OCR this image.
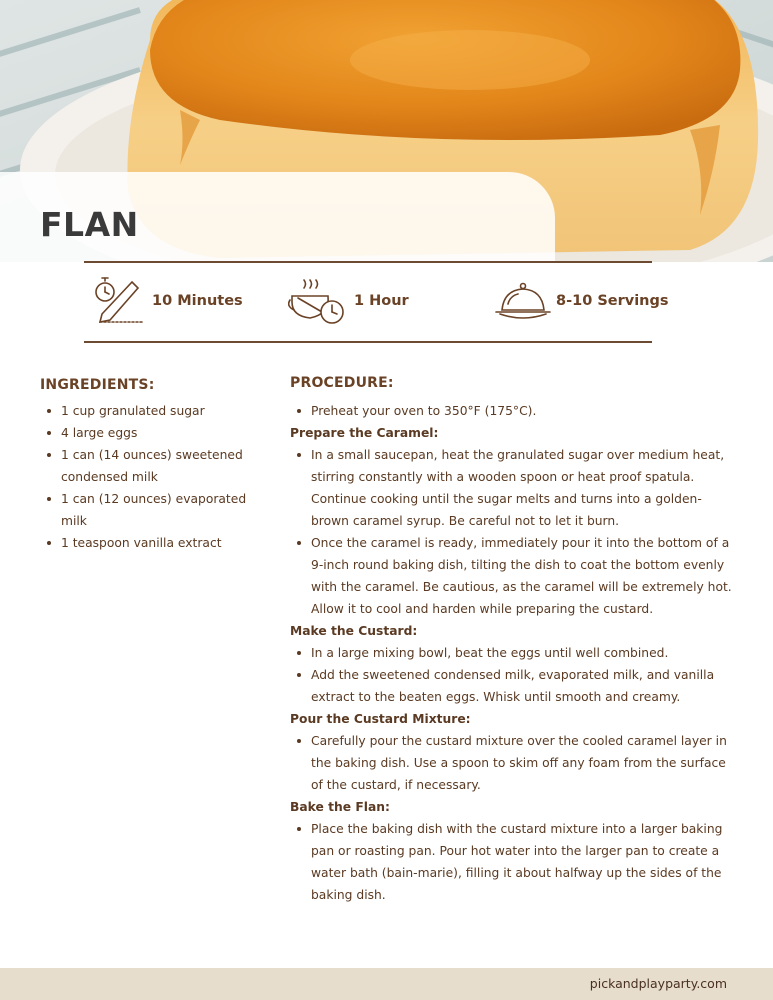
FLAN
10 Minutes	1 Hour	8-10 Servings
INGREDIENTS:
1 cup granulated sugar
4 large eggs
1 can (14 ounces) sweetened condensed milk
1 can (12 ounces) evaporated milk
1 teaspoon vanilla extract
PROCEDURE:
Preheat your oven to 350°F (175°C).
Prepare the Caramel:
In a small saucepan, heat the granulated sugar over medium heat, stirring constantly with a wooden spoon or heat proof spatula. Continue cooking until the sugar melts and turns into a golden-brown caramel syrup. Be careful not to let it burn.
Once the caramel is ready, immediately pour it into the bottom of a 9-inch round baking dish, tilting the dish to coat the bottom evenly with the caramel. Be cautious, as the caramel will be extremely hot. Allow it to cool and harden while preparing the custard.
Make the Custard:
In a large mixing bowl, beat the eggs until well combined.
Add the sweetened condensed milk, evaporated milk, and vanilla extract to the beaten eggs. Whisk until smooth and creamy.
Pour the Custard Mixture:
Carefully pour the custard mixture over the cooled caramel layer in the baking dish. Use a spoon to skim off any foam from the surface of the custard, if necessary.
Bake the Flan:
Place the baking dish with the custard mixture into a larger baking pan or roasting pan. Pour hot water into the larger pan to create a water bath (bain-marie), filling it about halfway up the sides of the baking dish.
pickandplayparty.com
